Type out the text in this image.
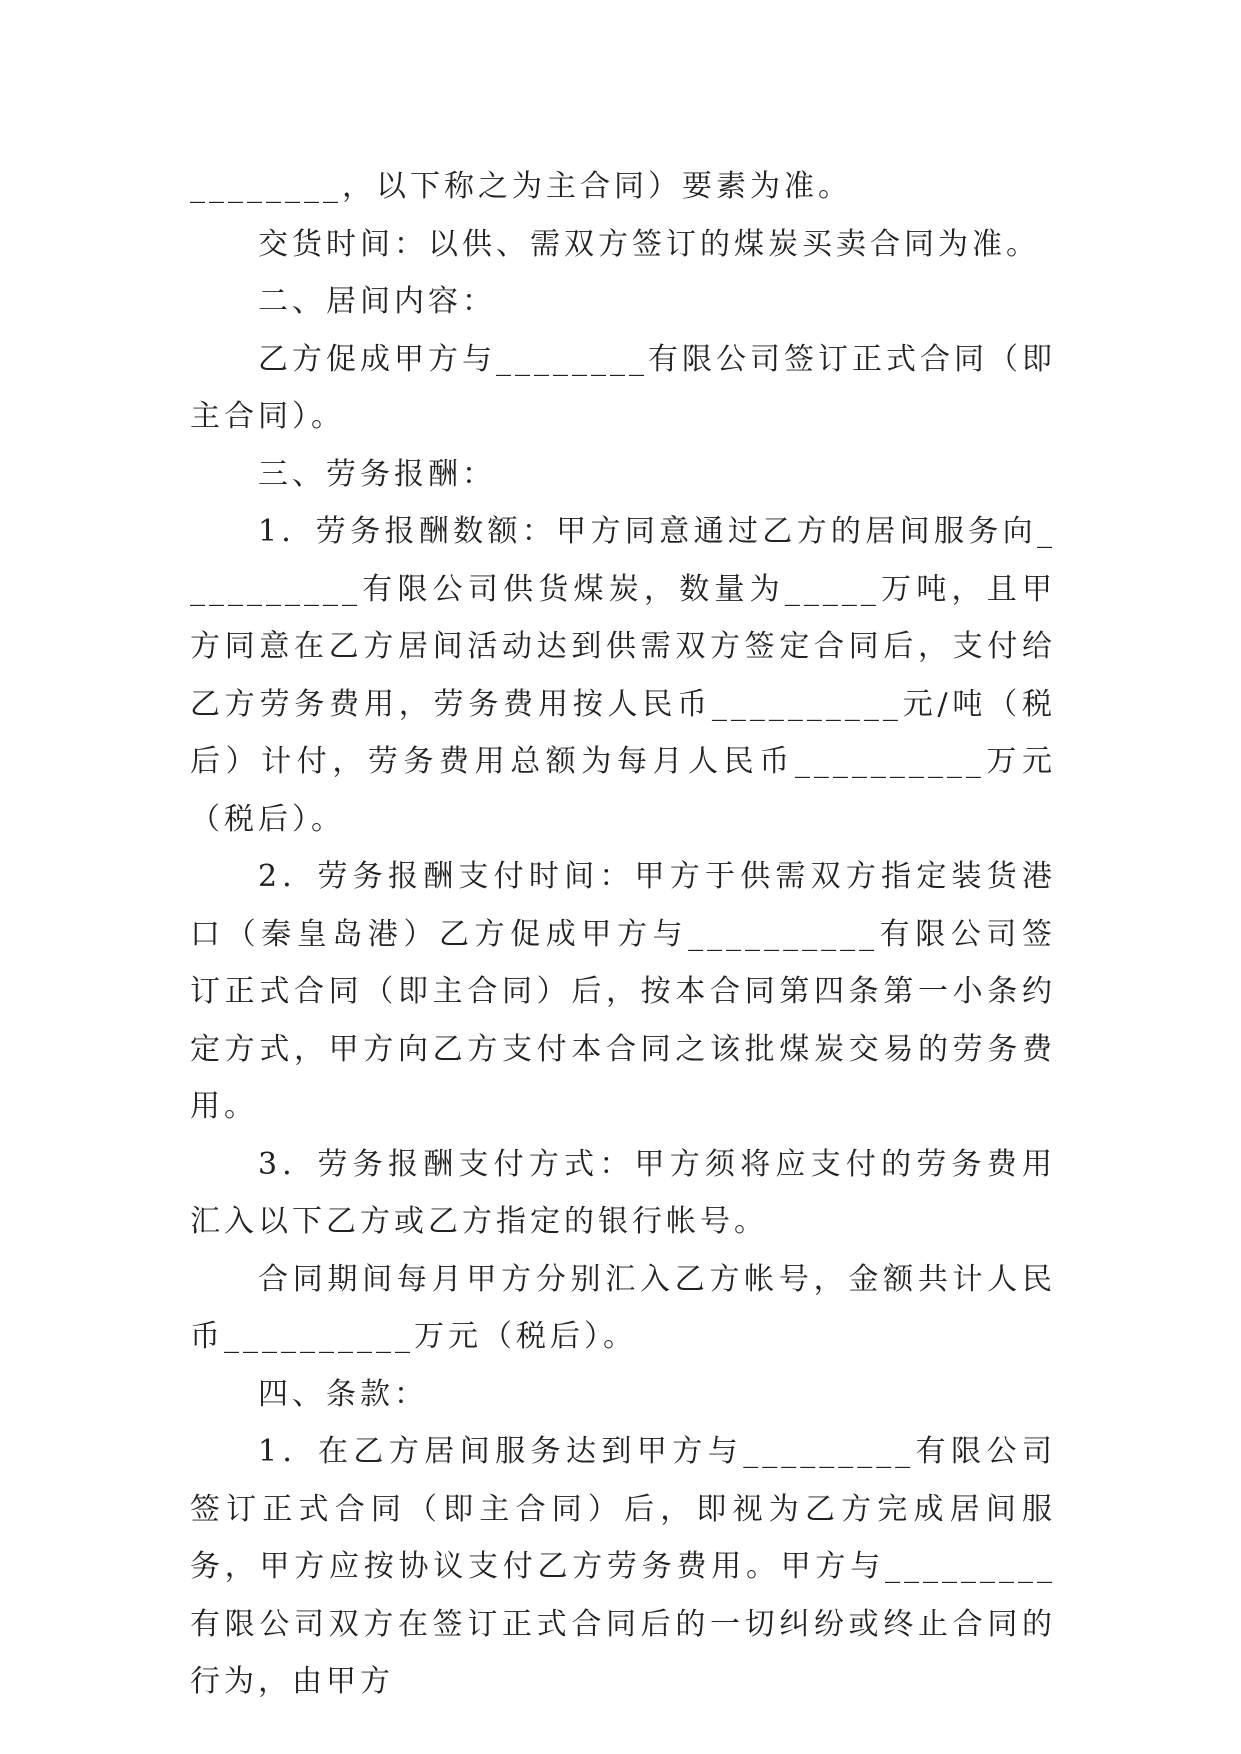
________，以下称之为主合同）要素为准。

交货时间：以供、需双方签订的煤炭买卖合同为准。

二、居间内容：

乙方促成甲方与________有限公司签订正式合同（即主合同）。

三、劳务报酬：

1．劳务报酬数额：甲方同意通过乙方的居间服务向__________有限公司供货煤炭，数量为_____万吨，且甲方同意在乙方居间活动达到供需双方签定合同后，支付给乙方劳务费用，劳务费用按人民币__________元/吨（税后）计付，劳务费用总额为每月人民币__________万元（税后）。

2．劳务报酬支付时间：甲方于供需双方指定装货港口（秦皇岛港）乙方促成甲方与__________有限公司签订正式合同（即主合同）后，按本合同第四条第一小条约定方式，甲方向乙方支付本合同之该批煤炭交易的劳务费用。

3．劳务报酬支付方式：甲方须将应支付的劳务费用汇入以下乙方或乙方指定的银行帐号。

合同期间每月甲方分别汇入乙方帐号，金额共计人民币__________万元（税后）。

四、条款：

1．在乙方居间服务达到甲方与_________有限公司签订正式合同（即主合同）后，即视为乙方完成居间服务，甲方应按协议支付乙方劳务费用。甲方与_________有限公司双方在签订正式合同后的一切纠纷或终止合同的行为，由甲方
